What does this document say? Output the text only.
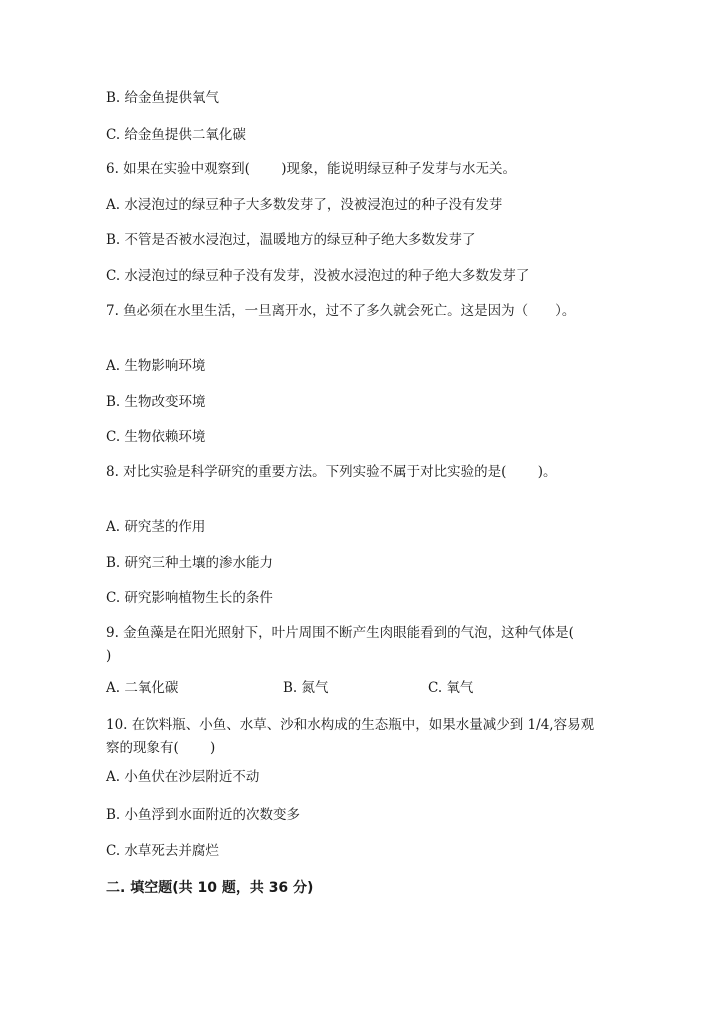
B. 给金鱼提供氧气
C. 给金鱼提供二氧化碳
6. 如果在实验中观察到(　　 )现象，能说明绿豆种子发芽与水无关。
A. 水浸泡过的绿豆种子大多数发芽了，没被浸泡过的种子没有发芽
B. 不管是否被水浸泡过，温暖地方的绿豆种子绝大多数发芽了
C. 水浸泡过的绿豆种子没有发芽，没被水浸泡过的种子绝大多数发芽了
7. 鱼必须在水里生活，一旦离开水，过不了多久就会死亡。这是因为（　　）。
A. 生物影响环境
B. 生物改变环境
C. 生物依赖环境
8. 对比实验是科学研究的重要方法。下列实验不属于对比实验的是(　　 )。
A. 研究茎的作用
B. 研究三种土壤的渗水能力
C. 研究影响植物生长的条件
9. 金鱼藻是在阳光照射下，叶片周围不断产生肉眼能看到的气泡，这种气体是(　　 )
A. 二氧化碳	B. 氮气	C. 氧气
10. 在饮料瓶、小鱼、水草、沙和水构成的生态瓶中，如果水量减少到 1/4,容易观察的现象有(　　 )
A. 小鱼伏在沙层附近不动
B. 小鱼浮到水面附近的次数变多
C. 水草死去并腐烂
二. 填空题(共 10 题，共 36 分)
